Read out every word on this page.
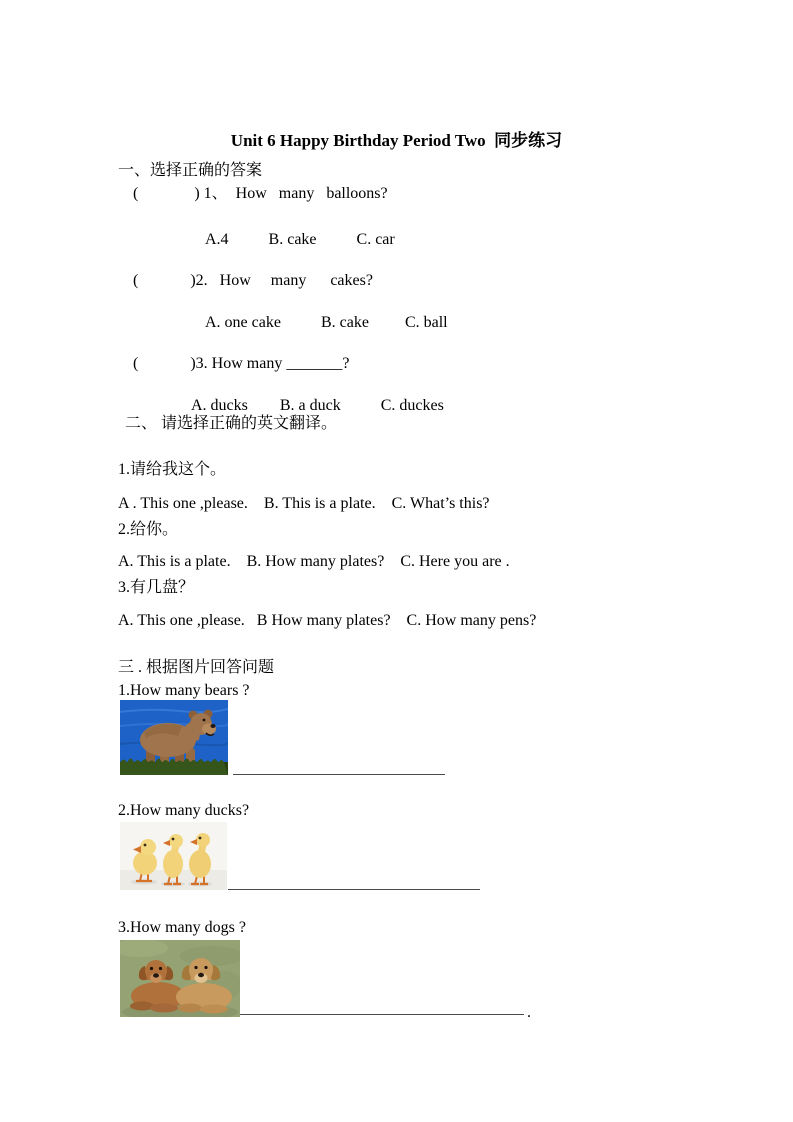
Unit 6 Happy Birthday Period Two  同步练习
一、选择正确的答案
(              ) 1、  How   many   balloons?
A.4          B. cake          C. car
(             )2.   How     many      cakes?
A. one cake          B. cake         C. ball
(             )3. How many _______?
A. ducks        B. a duck          C. duckes
二、 请选择正确的英文翻译。
1.请给我这个。
A . This one ,please.    B. This is a plate.    C. What’s this?
2.给你。
A. This is a plate.    B. How many plates?    C. Here you are .
3.有几盘？
A. This one ,please.   B How many plates?    C. How many pens?
三 . 根据图片回答问题
1.How many bears ?
2.How many ducks?
3.How many dogs ?
.
